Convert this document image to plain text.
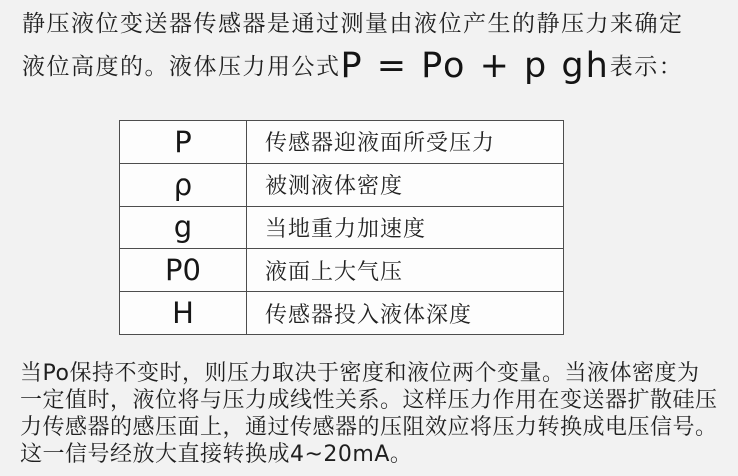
静压液位变送器传感器是通过测量由液位产生的静压力来确定
液位高度的。液体压力用公式P = Po + p gh表示：
P	传感器迎液面所受压力
ρ	被测液体密度
g	当地重力加速度
P0	液面上大气压
H	传感器投入液体深度
当Po保持不变时，则压力取决于密度和液位两个变量。当液体密度为
一定值时，液位将与压力成线性关系。这样压力作用在变送器扩散硅压
力传感器的感压面上，通过传感器的压阻效应将压力转换成电压信号。
这一信号经放大直接转换成4~20mA。
